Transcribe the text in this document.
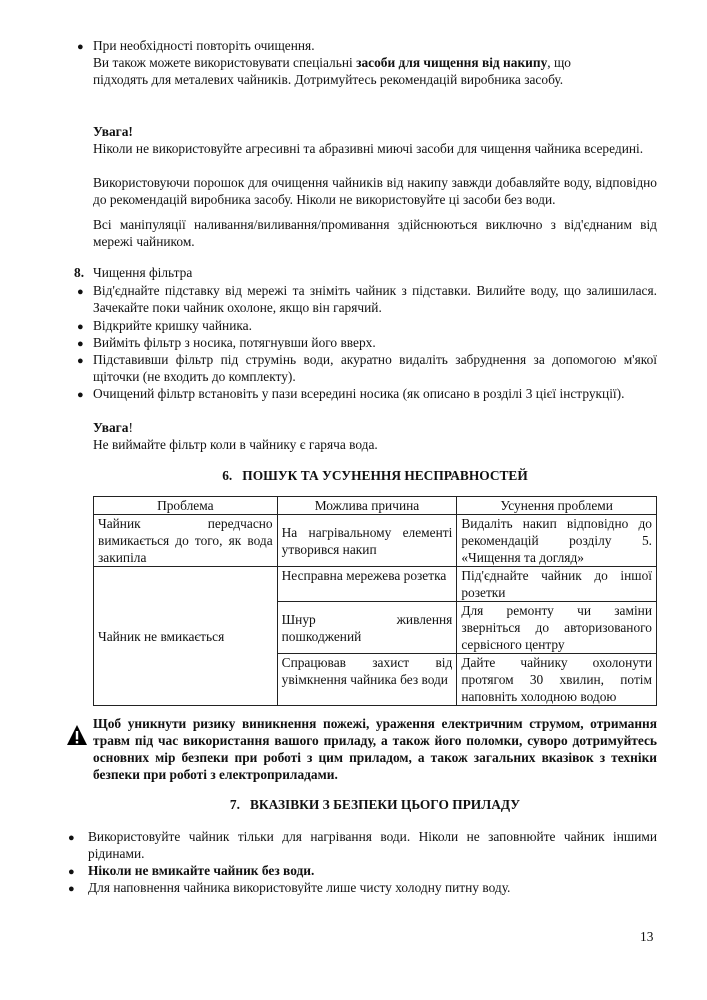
● При необхідності повторіть очищення.
Ви також можете використовувати спеціальні засоби для чищення від накипу, що
підходять для металевих чайників. Дотримуйтесь рекомендацій виробника засобу.
Увага!
Ніколи не використовуйте агресивні та абразивні миючі засоби для чищення чайника всередині.
Використовуючи порошок для очищення чайників від накипу завжди добавляйте воду, відповідно до рекомендацій виробника засобу. Ніколи не використовуйте ці засоби без води.
Всі маніпуляції наливання/виливання/промивання здійснюються виключно з від'єднаним від мережі чайником.
8. Чищення фільтра
● Від'єднайте підставку від мережі та зніміть чайник з підставки. Вилийте воду, що залишилася. Зачекайте поки чайник охолоне, якщо він гарячий.
● Відкрийте кришку чайника.
● Вийміть фільтр з носика, потягнувши його вверх.
● Підставивши фільтр під струмінь води, акуратно видаліть забруднення за допомогою м'якої щіточки (не входить до комплекту).
● Очищений фільтр встановіть у пази всередині носика (як описано в розділі 3 цієї інструкції).
Увага!
Не виймайте фільтр коли в чайнику є гаряча вода.
6.   ПОШУК ТА УСУНЕННЯ НЕСПРАВНОСТЕЙ
Проблема	Можлива причина	Усунення проблеми
Чайник передчасно вимикається до того, як вода закипіла	На нагрівальному елементі утворився накип	Видаліть накип відповідно до рекомендацій розділу 5. «Чищення та догляд»
Чайник не вмикається	Несправна мережева розетка	Під'єднайте чайник до іншої розетки
	Шнур живлення пошкоджений	Для ремонту чи заміни зверніться до авторизованого сервісного центру
	Спрацював захист від увімкнення чайника без води	Дайте чайнику охолонути протягом 30 хвилин, потім наповніть холодною водою
Щоб уникнути ризику виникнення пожежі, ураження електричним струмом, отримання травм під час використання вашого приладу, а також його поломки, суворо дотримуйтесь основних мір безпеки при роботі з цим приладом, а також загальних вказівок з техніки безпеки при роботі з електроприладами.
7.   ВКАЗІВКИ З БЕЗПЕКИ ЦЬОГО ПРИЛАДУ
● Використовуйте чайник тільки для нагрівання води. Ніколи не заповнюйте чайник іншими рідинами.
● Ніколи не вмикайте чайник без води.
● Для наповнення чайника використовуйте лише чисту холодну питну воду.
13
